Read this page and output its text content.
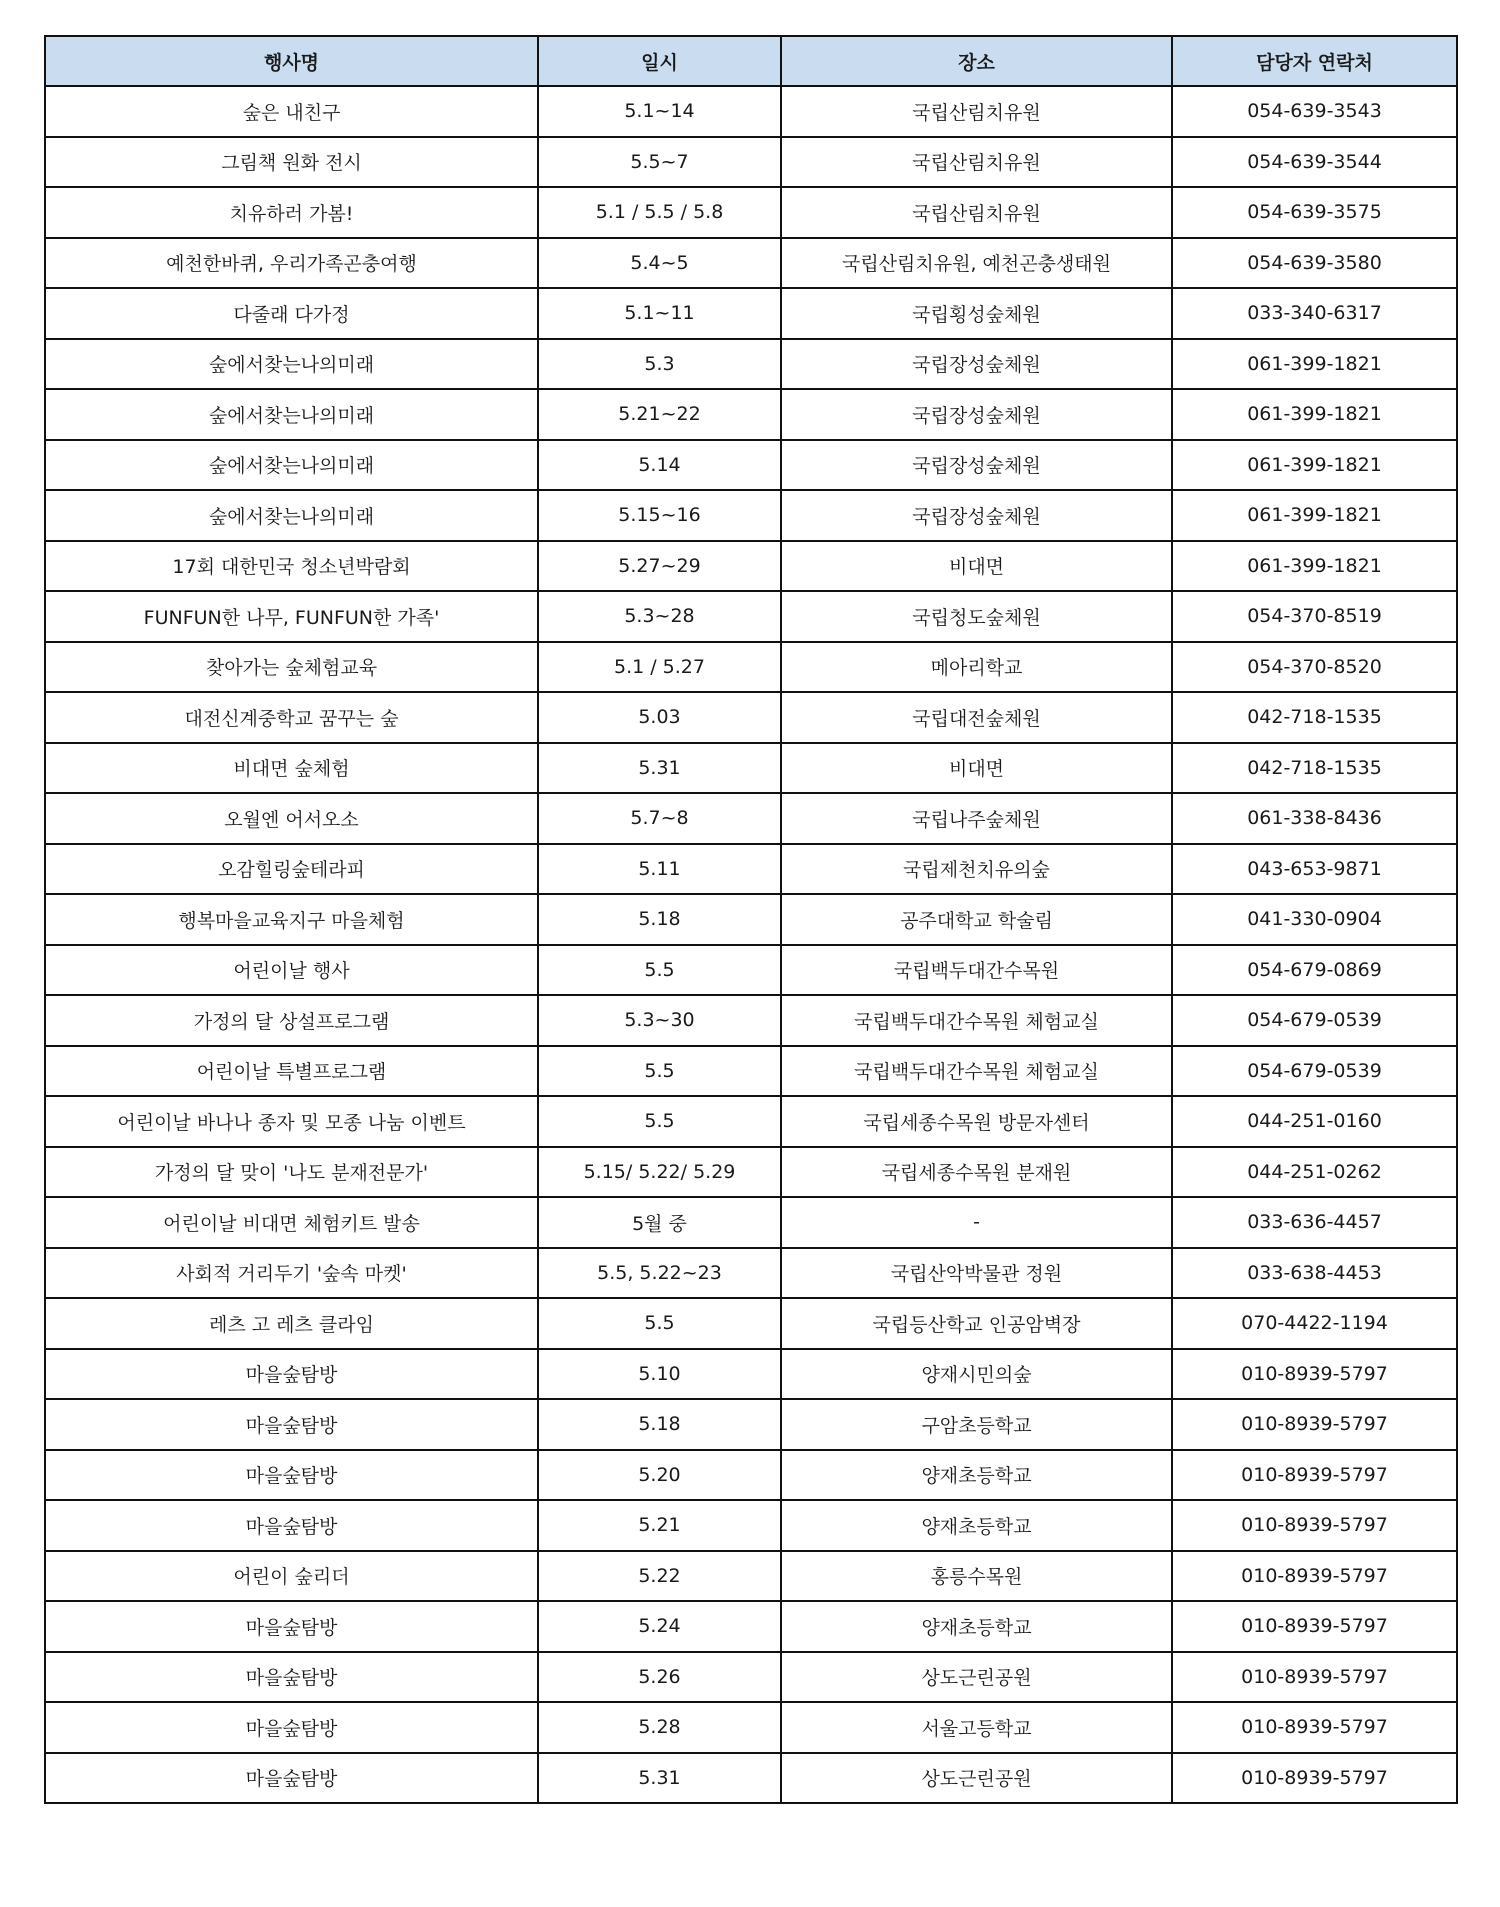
행사명	일시	장소	담당자 연락처
숲은 내친구	5.1~14	국립산림치유원	054-639-3543
그림책 원화 전시	5.5~7	국립산림치유원	054-639-3544
치유하러 가봄!	5.1 / 5.5 / 5.8	국립산림치유원	054-639-3575
예천한바퀴, 우리가족곤충여행	5.4~5	국립산림치유원, 예천곤충생태원	054-639-3580
다줄래 다가정	5.1~11	국립횡성숲체원	033-340-6317
숲에서찾는나의미래	5.3	국립장성숲체원	061-399-1821
숲에서찾는나의미래	5.21~22	국립장성숲체원	061-399-1821
숲에서찾는나의미래	5.14	국립장성숲체원	061-399-1821
숲에서찾는나의미래	5.15~16	국립장성숲체원	061-399-1821
17회 대한민국 청소년박람회	5.27~29	비대면	061-399-1821
FUNFUN한 나무, FUNFUN한 가족'	5.3~28	국립청도숲체원	054-370-8519
찾아가는 숲체험교육	5.1 / 5.27	메아리학교	054-370-8520
대전신계중학교 꿈꾸는 숲	5.03	국립대전숲체원	042-718-1535
비대면 숲체험	5.31	비대면	042-718-1535
오월엔 어서오소	5.7~8	국립나주숲체원	061-338-8436
오감힐링숲테라피	5.11	국립제천치유의숲	043-653-9871
행복마을교육지구 마을체험	5.18	공주대학교 학술림	041-330-0904
어린이날 행사	5.5	국립백두대간수목원	054-679-0869
가정의 달 상설프로그램	5.3~30	국립백두대간수목원 체험교실	054-679-0539
어린이날 특별프로그램	5.5	국립백두대간수목원 체험교실	054-679-0539
어린이날 바나나 종자 및 모종 나눔 이벤트	5.5	국립세종수목원 방문자센터	044-251-0160
가정의 달 맞이 '나도 분재전문가'	5.15/ 5.22/ 5.29	국립세종수목원 분재원	044-251-0262
어린이날 비대면 체험키트 발송	5월 중	-	033-636-4457
사회적 거리두기 '숲속 마켓'	5.5, 5.22~23	국립산악박물관 정원	033-638-4453
레츠 고 레츠 클라임	5.5	국립등산학교 인공암벽장	070-4422-1194
마을숲탐방	5.10	양재시민의숲	010-8939-5797
마을숲탐방	5.18	구암초등학교	010-8939-5797
마을숲탐방	5.20	양재초등학교	010-8939-5797
마을숲탐방	5.21	양재초등학교	010-8939-5797
어린이 숲리더	5.22	홍릉수목원	010-8939-5797
마을숲탐방	5.24	양재초등학교	010-8939-5797
마을숲탐방	5.26	상도근린공원	010-8939-5797
마을숲탐방	5.28	서울고등학교	010-8939-5797
마을숲탐방	5.31	상도근린공원	010-8939-5797
